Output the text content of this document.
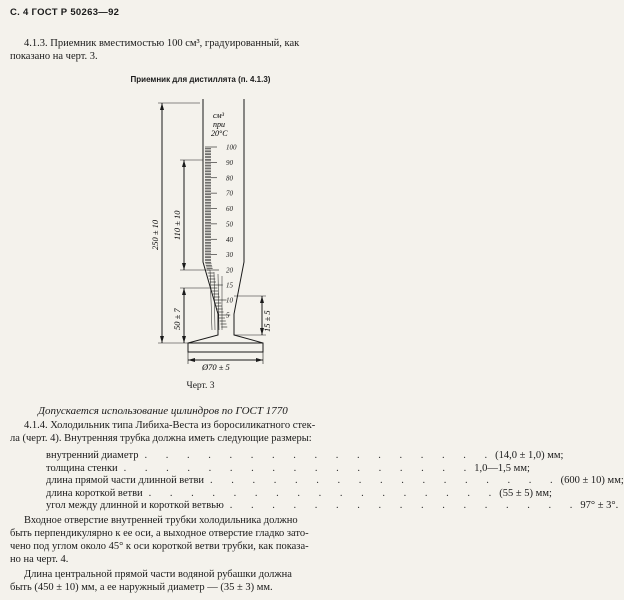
С. 4 ГОСТ Р 50263—92
4.1.3. Приемник вместимостью 100 см³, градуированный, как
показано на черт. 3.
Приемник для дистиллята (п. 4.1.3)
100
90
80
70
60
50
40
30
20
15
10
5
см³
при
20°С
250 ± 10 110 ± 10
50 ± 7	15 ± 5
Ø70 ± 5
Черт. 3
Допускается использование цилиндров по ГОСТ 1770
4.1.4. Холодильник типа Либиха-Веста из боросиликатного стек-
ла (черт. 4). Внутренняя трубка должна иметь следующие размеры:
внутренний диаметр . . . . . . . . . . . . . . . . . (14,0 ± 1,0) мм;
толщина стенки . . . . . . . . . . . . . . . . . 1,0—1,5 мм;
длина прямой части длинной ветви . . . . . . . . . . . . . . . . . (600 ± 10) мм;
длина короткой ветви . . . . . . . . . . . . . . . . . (55 ± 5) мм;
угол между длинной и короткой ветвью . . . . . . . . . . . . . . . . . 97° ± 3°.
Входное отверстие внутренней трубки холодильника должно
быть перпендикулярно к ее оси, а выходное отверстие гладко зато-
чено под углом около 45° к оси короткой ветви трубки, как показа-
но на черт. 4.
Длина центральной прямой части водяной рубашки должна
быть (450 ± 10) мм, а ее наружный диаметр — (35 ± 3) мм.
